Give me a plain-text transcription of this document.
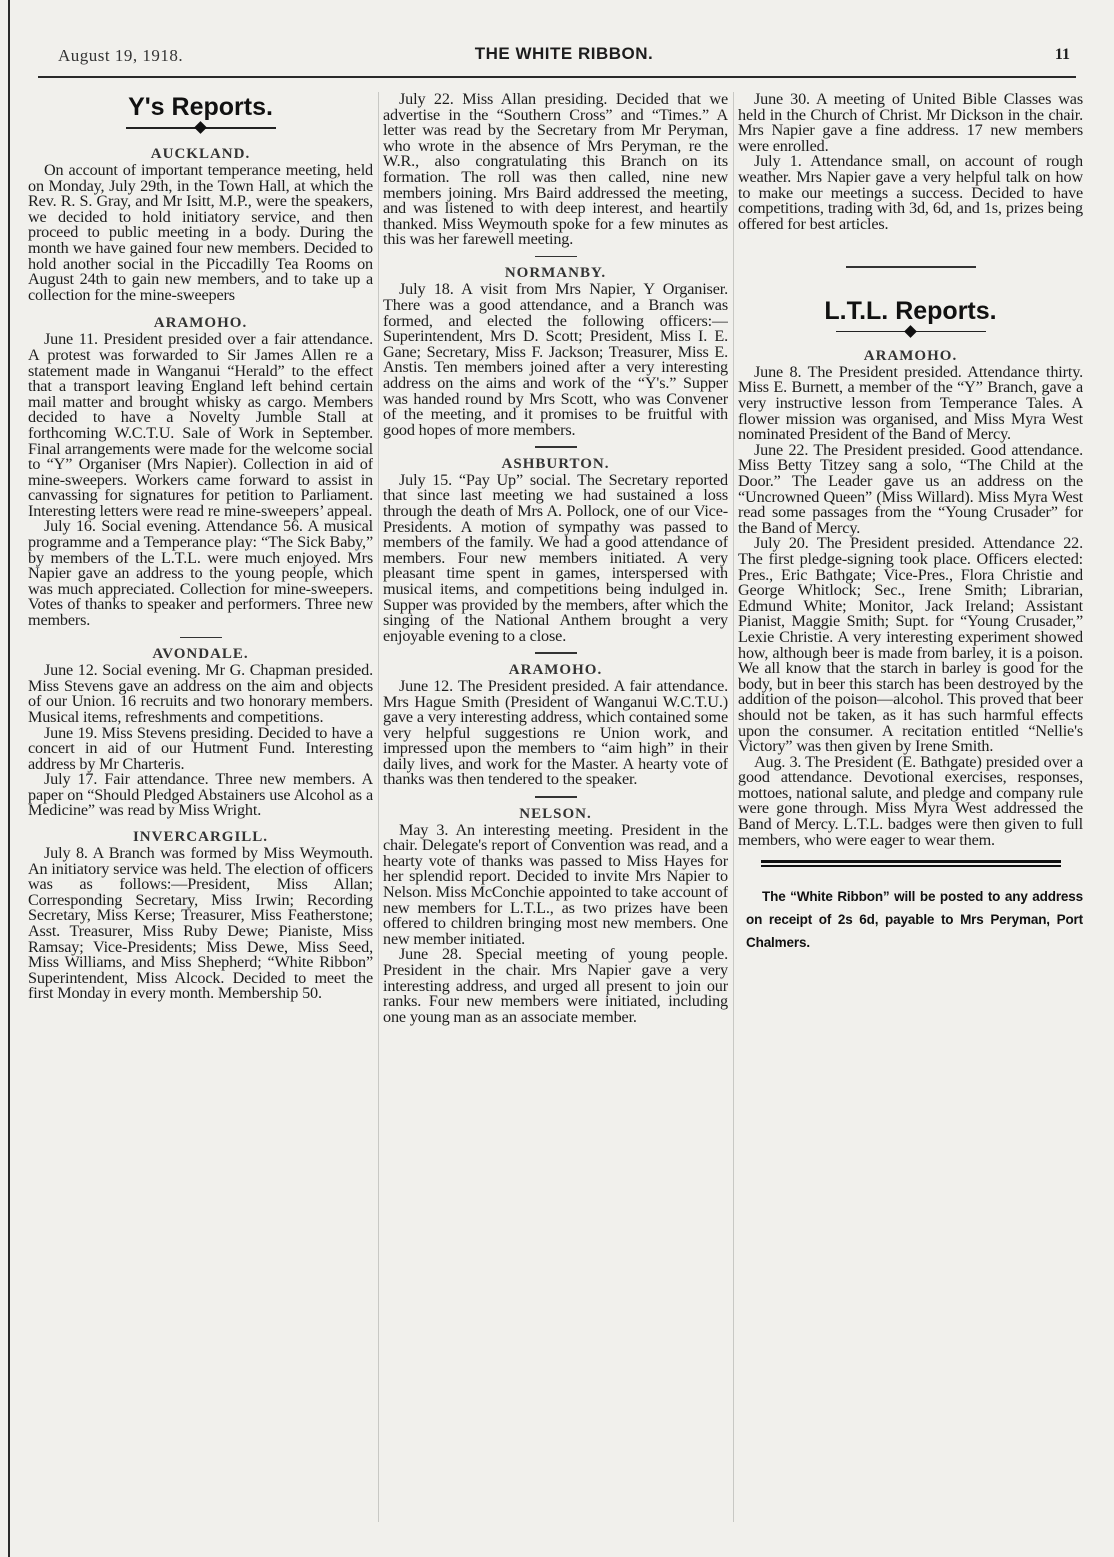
August 19, 1918.	THE WHITE RIBBON.	11
Y's Reports.
AUCKLAND.

On account of important temperance meeting, held on Monday, July 29th, in the Town Hall, at which the Rev. R. S. Gray, and Mr Isitt, M.P., were the speakers, we decided to hold initiatory service, and then proceed to public meeting in a body. During the month we have gained four new members. Decided to hold another social in the Piccadilly Tea Rooms on August 24th to gain new members, and to take up a collection for the mine-sweepers

ARAMOHO.

June 11. President presided over a fair attendance. A protest was forwarded to Sir James Allen re a statement made in Wanganui “Herald” to the effect that a transport leaving England left behind certain mail matter and brought whisky as cargo. Members decided to have a Novelty Jumble Stall at forthcoming W.C.T.U. Sale of Work in September. Final arrangements were made for the welcome social to “Y” Organiser (Mrs Napier). Collection in aid of mine-sweepers. Workers came forward to assist in canvassing for signatures for petition to Parliament. Interesting letters were read re mine-sweepers’ appeal.

July 16. Social evening. Attendance 56. A musical programme and a Temperance play: “The Sick Baby,” by members of the L.T.L. were much enjoyed. Mrs Napier gave an address to the young people, which was much appreciated. Collection for mine-sweepers. Votes of thanks to speaker and performers. Three new members.

AVONDALE.

June 12. Social evening. Mr G. Chapman presided. Miss Stevens gave an address on the aim and objects of our Union. 16 recruits and two honorary members. Musical items, refreshments and competitions.

June 19. Miss Stevens presiding. Decided to have a concert in aid of our Hutment Fund. Interesting address by Mr Charteris.

July 17. Fair attendance. Three new members. A paper on “Should Pledged Abstainers use Alcohol as a Medicine” was read by Miss Wright.

INVERCARGILL.

July 8. A Branch was formed by Miss Weymouth. An initiatory service was held. The election of officers was as follows:—President, Miss Allan; Corresponding Secretary, Miss Irwin; Recording Secretary, Miss Kerse; Treasurer, Miss Featherstone; Asst. Treasurer, Miss Ruby Dewe; Pianiste, Miss Ramsay; Vice-Presidents; Miss Dewe, Miss Seed, Miss Williams, and Miss Shepherd; “White Ribbon” Superintendent, Miss Alcock. Decided to meet the first Monday in every month. Membership 50.

July 22. Miss Allan presiding. Decided that we advertise in the “Southern Cross” and “Times.” A letter was read by the Secretary from Mr Peryman, who wrote in the absence of Mrs Peryman, re the W.R., also congratulating this Branch on its formation. The roll was then called, nine new members joining. Mrs Baird addressed the meeting, and was listened to with deep interest, and heartily thanked. Miss Weymouth spoke for a few minutes as this was her farewell meeting.

NORMANBY.

July 18. A visit from Mrs Napier, Y Organiser. There was a good attendance, and a Branch was formed, and elected the following officers:—Superintendent, Mrs D. Scott; President, Miss I. E. Gane; Secretary, Miss F. Jackson; Treasurer, Miss E. Anstis. Ten members joined after a very interesting address on the aims and work of the “Y's.” Supper was handed round by Mrs Scott, who was Convener of the meeting, and it promises to be fruitful with good hopes of more members.

ASHBURTON.

July 15. “Pay Up” social. The Secretary reported that since last meeting we had sustained a loss through the death of Mrs A. Pollock, one of our Vice-Presidents. A motion of sympathy was passed to members of the family. We had a good attendance of members. Four new members initiated. A very pleasant time spent in games, interspersed with musical items, and competitions being indulged in. Supper was provided by the members, after which the singing of the National Anthem brought a very enjoyable evening to a close.

ARAMOHO.

June 12. The President presided. A fair attendance. Mrs Hague Smith (President of Wanganui W.C.T.U.) gave a very interesting address, which contained some very helpful suggestions re Union work, and impressed upon the members to “aim high” in their daily lives, and work for the Master. A hearty vote of thanks was then tendered to the speaker.

NELSON.

May 3. An interesting meeting. President in the chair. Delegate's report of Convention was read, and a hearty vote of thanks was passed to Miss Hayes for her splendid report. Decided to invite Mrs Napier to Nelson. Miss McConchie appointed to take account of new members for L.T.L., as two prizes have been offered to children bringing most new members. One new member initiated.

June 28. Special meeting of young people. President in the chair. Mrs Napier gave a very interesting address, and urged all present to join our ranks. Four new members were initiated, including one young man as an associate member.

June 30. A meeting of United Bible Classes was held in the Church of Christ. Mr Dickson in the chair. Mrs Napier gave a fine address. 17 new members were enrolled.

July 1. Attendance small, on account of rough weather. Mrs Napier gave a very helpful talk on how to make our meetings a success. Decided to have competitions, trading with 3d, 6d, and 1s, prizes being offered for best articles.

L.T.L. Reports.
ARAMOHO.

June 8. The President presided. Attendance thirty. Miss E. Burnett, a member of the “Y” Branch, gave a very instructive lesson from Temperance Tales. A flower mission was organised, and Miss Myra West nominated President of the Band of Mercy.

June 22. The President presided. Good attendance. Miss Betty Titzey sang a solo, “The Child at the Door.” The Leader gave us an address on the “Uncrowned Queen” (Miss Willard). Miss Myra West read some passages from the “Young Crusader” for the Band of Mercy.

July 20. The President presided. Attendance 22. The first pledge-signing took place. Officers elected: Pres., Eric Bathgate; Vice-Pres., Flora Christie and George Whitlock; Sec., Irene Smith; Librarian, Edmund White; Monitor, Jack Ireland; Assistant Pianist, Maggie Smith; Supt. for “Young Crusader,” Lexie Christie. A very interesting experiment showed how, although beer is made from barley, it is a poison. We all know that the starch in barley is good for the body, but in beer this starch has been destroyed by the addition of the poison—alcohol. This proved that beer should not be taken, as it has such harmful effects upon the consumer. A recitation entitled “Nellie's Victory” was then given by Irene Smith.

Aug. 3. The President (E. Bathgate) presided over a good attendance. Devotional exercises, responses, mottoes, national salute, and pledge and company rule were gone through. Miss Myra West addressed the Band of Mercy. L.T.L. badges were then given to full members, who were eager to wear them.

The “White Ribbon” will be posted to any address on receipt of 2s 6d, payable to Mrs Peryman, Port Chalmers.
